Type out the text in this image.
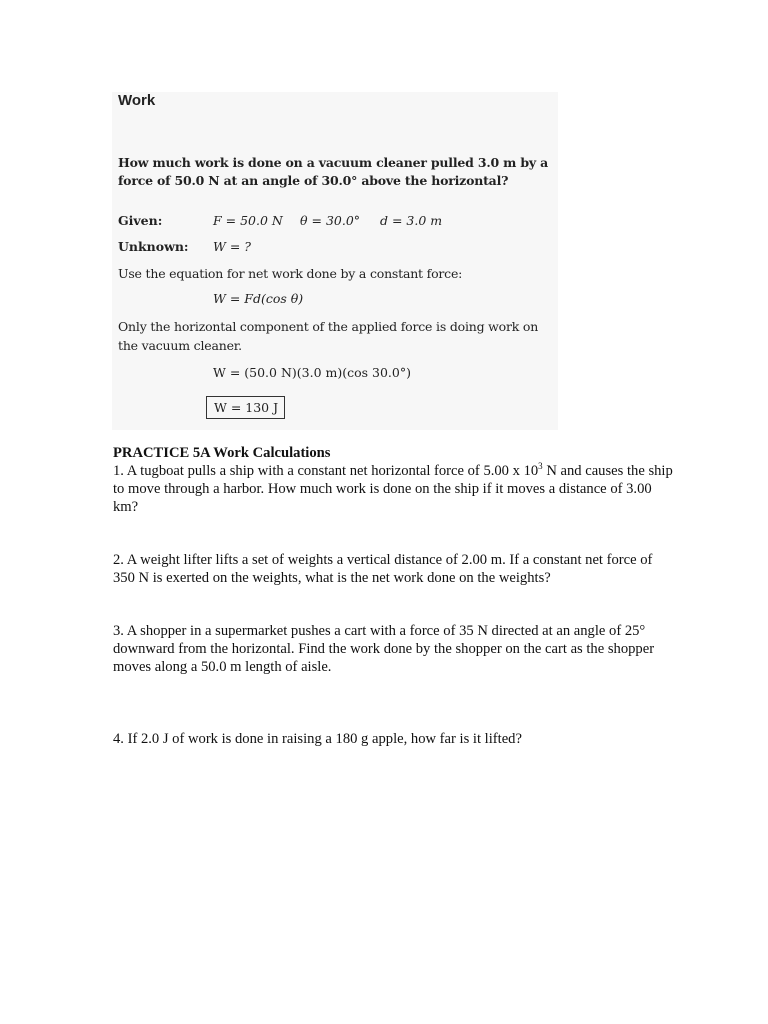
Work
How much work is done on a vacuum cleaner pulled 3.0 m by a force of 50.0 N at an angle of 30.0° above the horizontal?
Given:	F = 50.0 N θ = 30.0° d = 3.0 m
Unknown: W = ?
Use the equation for net work done by a constant force:
W = Fd(cos θ)
Only the horizontal component of the applied force is doing work on the vacuum cleaner.
W = (50.0 N)(3.0 m)(cos 30.0°)
W = 130 J
PRACTICE 5A Work Calculations

1. A tugboat pulls a ship with a constant net horizontal force of 5.00 x $10^3$ N and causes the ship to move through a harbor. How much work is done on the ship if it moves a distance of 3.00 km?

2. A weight lifter lifts a set of weights a vertical distance of 2.00 m. If a constant net force of 350 N is exerted on the weights, what is the net work done on the weights?

3. A shopper in a supermarket pushes a cart with a force of 35 N directed at an angle of 25° downward from the horizontal. Find the work done by the shopper on the cart as the shopper moves along a 50.0 m length of aisle.

4. If 2.0 J of work is done in raising a 180 g apple, how far is it lifted?
